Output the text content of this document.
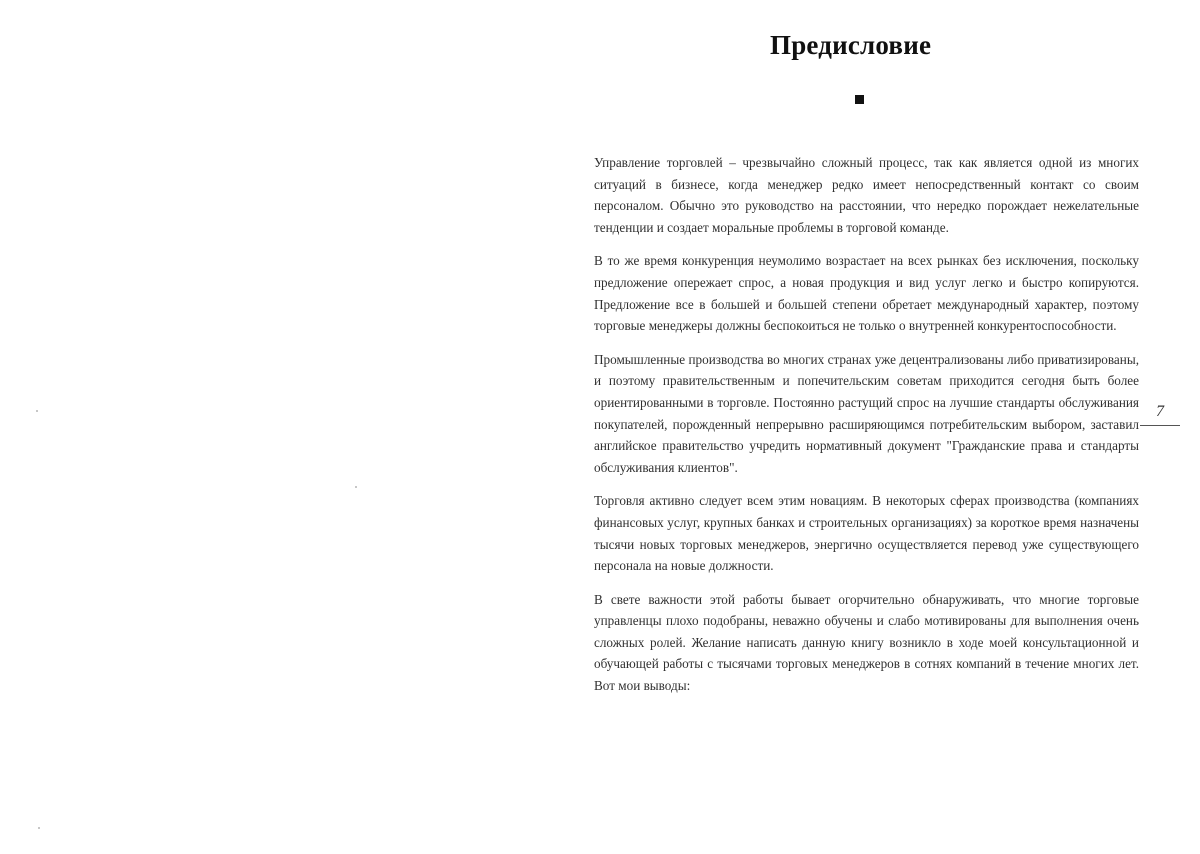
Предисловие

Управление торговлей – чрезвычайно сложный процесс, так как является одной из многих ситуаций в бизнесе, когда менеджер редко имеет непосредственный контакт со своим персоналом. Обычно это руководство на расстоянии, что нередко порождает нежелательные тенденции и создает моральные проблемы в торговой команде.

В то же время конкуренция неумолимо возрастает на всех рынках без исключения, поскольку предложение опережает спрос, а новая продукция и вид услуг легко и быстро копируются. Предложение все в большей и большей степени обретает международный характер, поэтому торговые менеджеры должны беспокоиться не только о внутренней конкурентоспособности.

Промышленные производства во многих странах уже децентрализованы либо приватизированы, и поэтому правительственным и попечительским советам приходится сегодня быть более ориентированными в торговле. Постоянно растущий спрос на лучшие стандарты обслуживания покупателей, порожденный непрерывно расширяющимся потребительским выбором, заставил английское правительство учредить нормативный документ "Гражданские права и стандарты обслуживания клиентов".

Торговля активно следует всем этим новациям. В некоторых сферах производства (компаниях финансовых услуг, крупных банках и строительных организациях) за короткое время назначены тысячи новых торговых менеджеров, энергично осуществляется перевод уже существующего персонала на новые должности.

В свете важности этой работы бывает огорчительно обнаруживать, что многие торговые управленцы плохо подобраны, неважно обучены и слабо мотивированы для выполнения очень сложных ролей. Желание написать данную книгу возникло в ходе моей консультационной и обучающей работы с тысячами торговых менеджеров в сотнях компаний в течение многих лет. Вот мои выводы:

7
